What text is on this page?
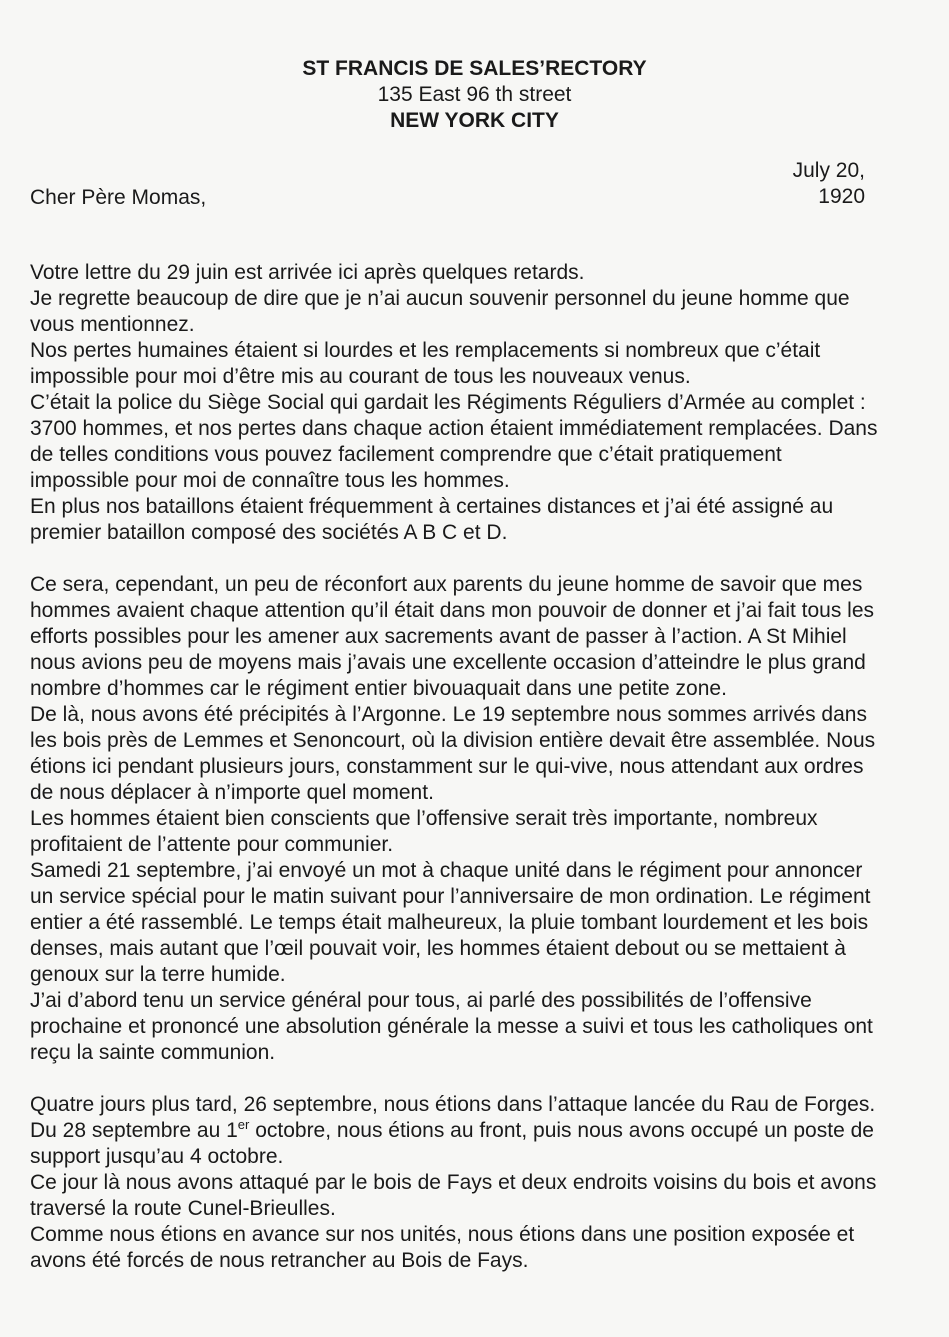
ST FRANCIS DE SALES’RECTORY
135 East 96 th street
NEW YORK CITY
July 20,
1920
Cher Père Momas,

Votre lettre du 29 juin est arrivée ici après quelques retards.

Je regrette beaucoup de dire que je n’ai aucun souvenir personnel du jeune homme que vous mentionnez.

Nos pertes humaines étaient si lourdes et les remplacements si nombreux que c’était impossible pour moi d’être mis au courant de tous les nouveaux venus.

C’était la police du Siège Social qui gardait les Régiments Réguliers d’Armée au complet : 3700 hommes, et nos pertes dans chaque action étaient immédiatement remplacées. Dans de telles conditions vous pouvez facilement comprendre que c’était pratiquement impossible pour moi de connaître tous les hommes.

En plus nos bataillons étaient fréquemment à certaines distances et j’ai été assigné au premier bataillon composé des sociétés A B C et D.

Ce sera, cependant, un peu de réconfort aux parents du jeune homme de savoir que mes hommes avaient chaque attention qu’il était dans mon pouvoir de donner et j’ai fait tous les efforts possibles pour les amener aux sacrements avant de passer à l’action. A St Mihiel nous avions peu de moyens mais j’avais une excellente occasion d’atteindre le plus grand nombre d’hommes car le régiment entier bivouaquait dans une petite zone.

De là, nous avons été précipités à l’Argonne. Le 19 septembre nous sommes arrivés dans les bois près de Lemmes et Senoncourt, où la division entière devait être assemblée. Nous étions ici pendant plusieurs jours, constamment sur le qui-vive, nous attendant aux ordres de nous déplacer à n’importe quel moment.

Les hommes étaient bien conscients que l’offensive serait très importante, nombreux profitaient de l’attente pour communier.

Samedi 21 septembre, j’ai envoyé un mot à chaque unité dans le régiment pour annoncer un service spécial pour le matin suivant pour l’anniversaire de mon ordination. Le régiment entier a été rassemblé. Le temps était malheureux, la pluie tombant lourdement et les bois denses, mais autant que l’œil pouvait voir, les hommes étaient debout ou se mettaient à genoux sur la terre humide.

J’ai d’abord tenu un service général pour tous, ai parlé des possibilités de l’offensive prochaine et prononcé une absolution générale la messe a suivi et tous les catholiques ont reçu la sainte communion.

Quatre jours plus tard, 26 septembre, nous étions dans l’attaque lancée du Rau de Forges. Du 28 septembre au 1er octobre, nous étions au front, puis nous avons occupé un poste de support jusqu’au 4 octobre.

Ce jour là nous avons attaqué par le bois de Fays et deux endroits voisins du bois et avons traversé la route Cunel-Brieulles.

Comme nous étions en avance sur nos unités, nous étions dans une position exposée et avons été forcés de nous retrancher au Bois de Fays.
